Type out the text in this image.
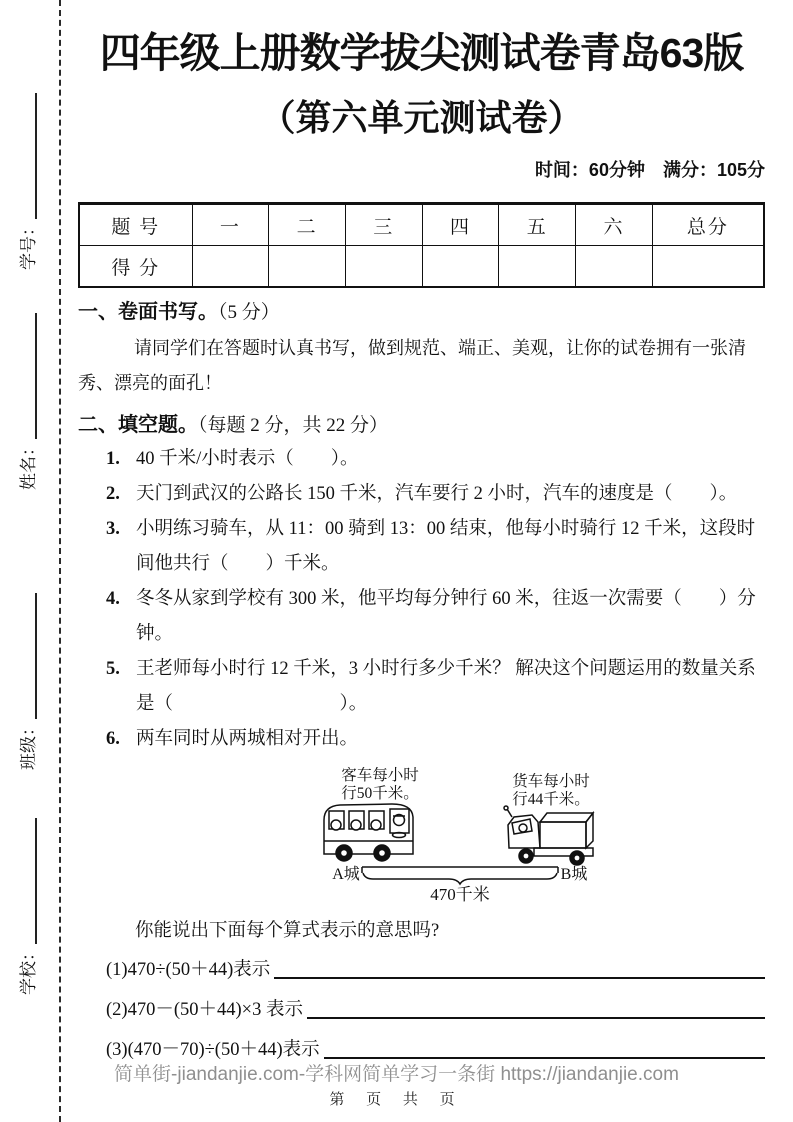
学号：
姓名：
班级：
学校：
四年级上册数学拔尖测试卷青岛63版
（第六单元测试卷）
时间：60分钟　满分：105分
题 号	一	二	三	四	五	六	总分
得 分							
一、卷面书写。（5 分）
请同学们在答题时认真书写，做到规范、端正、美观，让你的试卷拥有一张清秀、漂亮的面孔！
二、填空题。（每题 2 分，共 22 分）
1. 40 千米/小时表示（　　）。
2. 天门到武汉的公路长 150 千米，汽车要行 2 小时，汽车的速度是（　　）。
3. 小明练习骑车，从 11：00 骑到 13：00 结束，他每小时骑行 12 千米，这段时间他共行（　　）千米。
4. 冬冬从家到学校有 300 米，他平均每分钟行 60 米，往返一次需要（　　）分钟。
5. 王老师每小时行 12 千米，3 小时行多少千米？ 解决这个问题运用的数量关系是（　　　　　　　　　）。
6. 两车同时从两城相对开出。
客车每小时
行50千米。
货车每小时
行44千米。
A城	B城
470千米
你能说出下面每个算式表示的意思吗?
(1)470÷(50＋44)表示
(2)470－(50＋44)×3 表示
(3)(470－70)÷(50＋44)表示
简单街-jiandanjie.com-学科网简单学习一条街 https://jiandanjie.com
第 页 共 页
